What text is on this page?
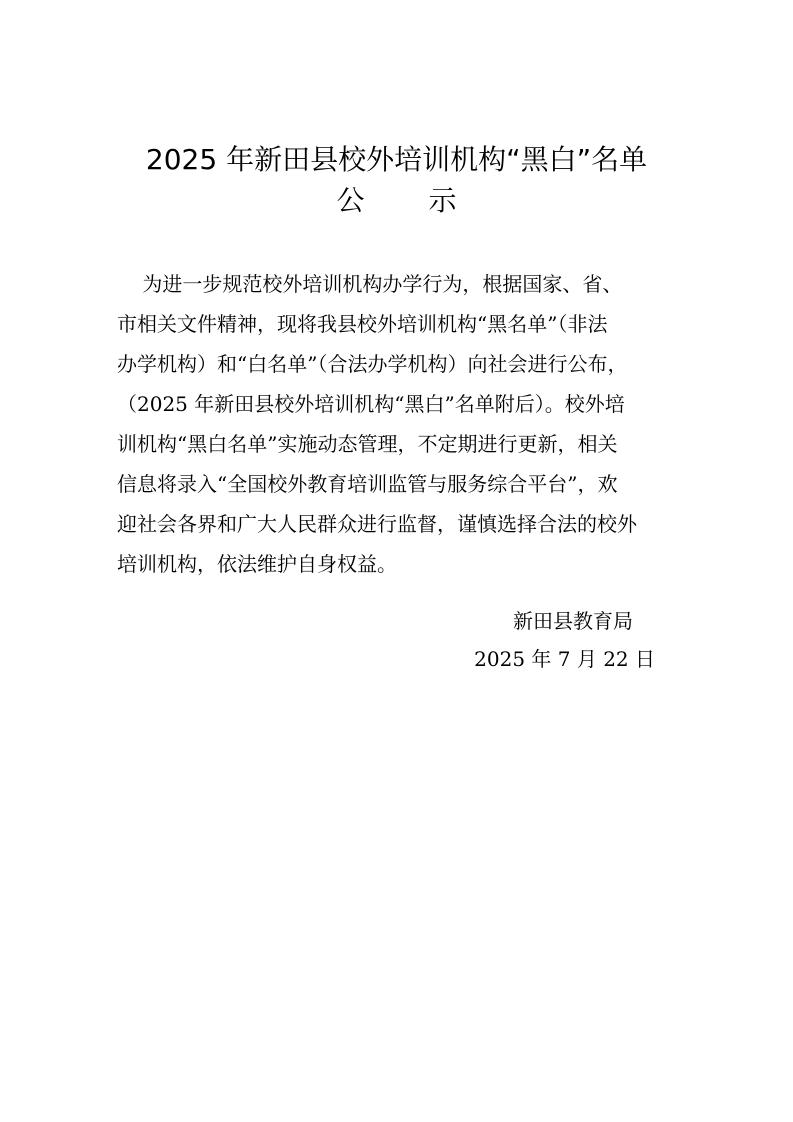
2025 年新田县校外培训机构“黑白”名单
公示
为进一步规范校外培训机构办学行为，根据国家、省、
市相关文件精神，现将我县校外培训机构“黑名单”（非法
办学机构）和“白名单”（合法办学机构）向社会进行公布，
（2025 年新田县校外培训机构“黑白”名单附后）。校外培
训机构“黑白名单”实施动态管理，不定期进行更新，相关
信息将录入“全国校外教育培训监管与服务综合平台”，欢
迎社会各界和广大人民群众进行监督，谨慎选择合法的校外
培训机构，依法维护自身权益。
新田县教育局
2025 年 7 月 22 日
